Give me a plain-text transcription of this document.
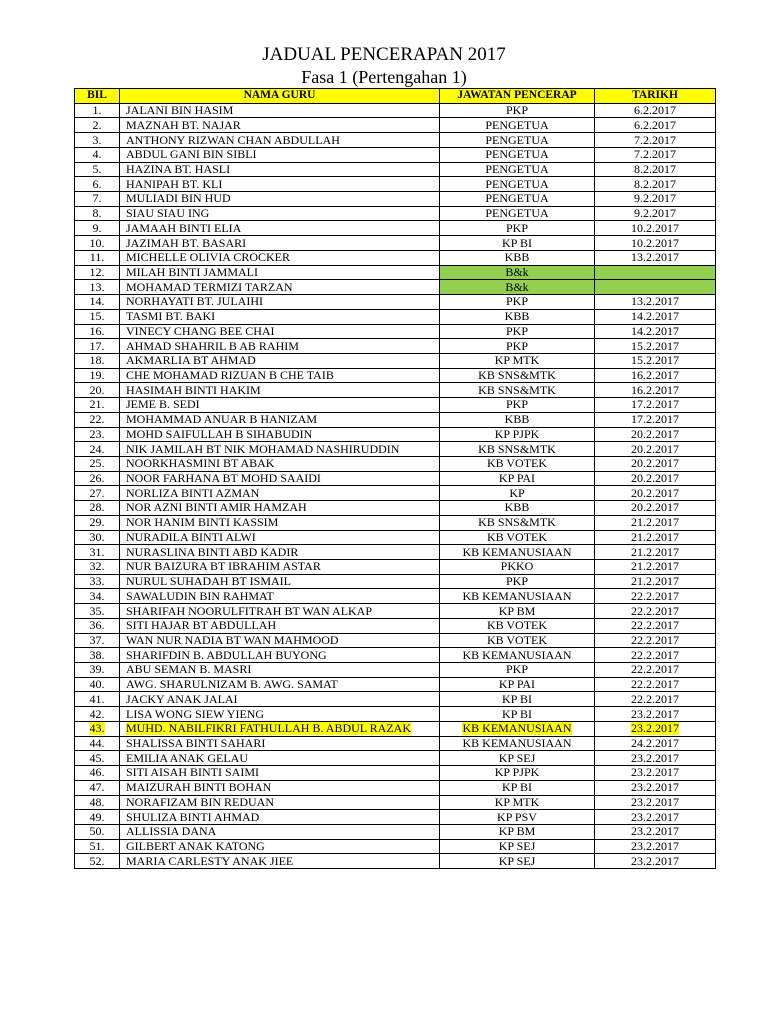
JADUAL PENCERAPAN 2017
Fasa 1 (Pertengahan 1)
BIL	NAMA GURU	JAWATAN PENCERAP	TARIKH
1.	JALANI BIN HASIM	PKP	6.2.2017
2.	MAZNAH BT. NAJAR	PENGETUA	6.2.2017
3.	ANTHONY RIZWAN CHAN ABDULLAH	PENGETUA	7.2.2017
4.	ABDUL GANI BIN SIBLI	PENGETUA	7.2.2017
5.	HAZINA BT. HASLI	PENGETUA	8.2.2017
6.	HANIPAH BT. KLI	PENGETUA	8.2.2017
7.	MULIADI BIN HUD	PENGETUA	9.2.2017
8.	SIAU SIAU ING	PENGETUA	9.2.2017
9.	JAMAAH BINTI ELIA	PKP	10.2.2017
10.	JAZIMAH BT. BASARI	KP BI	10.2.2017
11.	MICHELLE OLIVIA CROCKER	KBB	13.2.2017
12.	MILAH BINTI JAMMALI	B&k	
13.	MOHAMAD TERMIZI TARZAN	B&k	
14.	NORHAYATI BT. JULAIHI	PKP	13.2.2017
15.	TASMI BT. BAKI	KBB	14.2.2017
16.	VINECY CHANG BEE CHAI	PKP	14.2.2017
17.	AHMAD SHAHRIL B AB RAHIM	PKP	15.2.2017
18.	AKMARLIA BT AHMAD	KP MTK	15.2.2017
19.	CHE MOHAMAD RIZUAN B CHE TAIB	KB SNS&MTK	16.2.2017
20.	HASIMAH BINTI HAKIM	KB SNS&MTK	16.2.2017
21.	JEME B. SEDI	PKP	17.2.2017
22.	MOHAMMAD ANUAR B HANIZAM	KBB	17.2.2017
23.	MOHD SAIFULLAH B SIHABUDIN	KP PJPK	20.2.2017
24.	NIK JAMILAH BT NIK MOHAMAD NASHIRUDDIN	KB SNS&MTK	20.2.2017
25.	NOORKHASMINI BT ABAK	KB VOTEK	20.2.2017
26.	NOOR FARHANA BT MOHD SAAIDI	KP PAI	20.2.2017
27.	NORLIZA BINTI AZMAN	KP	20.2.2017
28.	NOR AZNI BINTI AMIR HAMZAH	KBB	20.2.2017
29.	NOR HANIM BINTI KASSIM	KB SNS&MTK	21.2.2017
30.	NURADILA BINTI ALWI	KB VOTEK	21.2.2017
31.	NURASLINA BINTI ABD KADIR	KB KEMANUSIAAN	21.2.2017
32.	NUR BAIZURA BT IBRAHIM ASTAR	PKKO	21.2.2017
33.	NURUL SUHADAH BT ISMAIL	PKP	21.2.2017
34.	SAWALUDIN BIN RAHMAT	KB KEMANUSIAAN	22.2.2017
35.	SHARIFAH NOORULFITRAH BT WAN ALKAP	KP BM	22.2.2017
36.	SITI HAJAR BT ABDULLAH	KB VOTEK	22.2.2017
37.	WAN NUR NADIA BT WAN MAHMOOD	KB VOTEK	22.2.2017
38.	SHARIFDIN B. ABDULLAH BUYONG	KB KEMANUSIAAN	22.2.2017
39.	ABU SEMAN B. MASRI	PKP	22.2.2017
40.	AWG. SHARULNIZAM B. AWG. SAMAT	KP PAI	22.2.2017
41.	JACKY ANAK JALAI	KP BI	22.2.2017
42.	LISA WONG SIEW YIENG	KP BI	23.2.2017
43.	MUHD. NABILFIKRI FATHULLAH B. ABDUL RAZAK	KB KEMANUSIAAN	23.2.2017
44.	SHALISSA BINTI SAHARI	KB KEMANUSIAAN	24.2.2017
45.	EMILIA ANAK GELAU	KP SEJ	23.2.2017
46.	SITI AISAH BINTI SAIMI	KP PJPK	23.2.2017
47.	MAIZURAH BINTI BOHAN	KP BI	23.2.2017
48.	NORAFIZAM BIN REDUAN	KP MTK	23.2.2017
49.	SHULIZA BINTI AHMAD	KP PSV	23.2.2017
50.	ALLISSIA DANA	KP BM	23.2.2017
51.	GILBERT ANAK KATONG	KP SEJ	23.2.2017
52.	MARIA CARLESTY ANAK JIEE	KP SEJ	23.2.2017
